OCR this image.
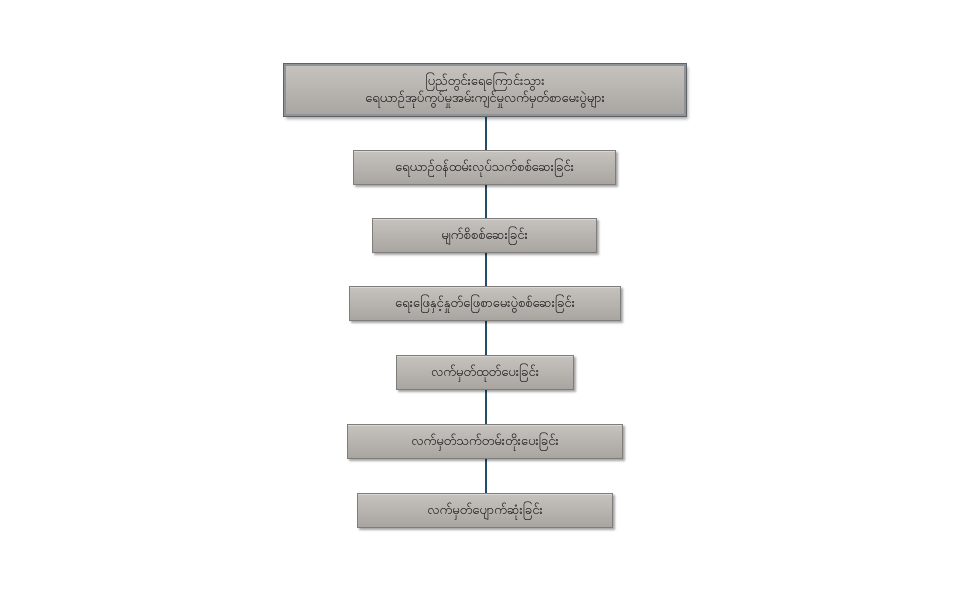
ပြည်တွင်းရေကြောင်းသွား
ရေယာဉ်အုပ်ကွပ်မှုအမ်းကျင်မှုလက်မှတ်စာမေးပွဲများ
ရေယာဉ်ဝန်ထမ်းလုပ်သက်စစ်ဆေးခြင်း
မျက်စိစစ်ဆေးခြင်း
ရေးဖြေနှင့်နှုတ်ဖြေစာမေးပွဲစစ်ဆေးခြင်း
လက်မှတ်ထုတ်ပေးခြင်း
လက်မှတ်သက်တမ်းတိုးပေးခြင်း
လက်မှတ်ပျောက်ဆုံးခြင်း
